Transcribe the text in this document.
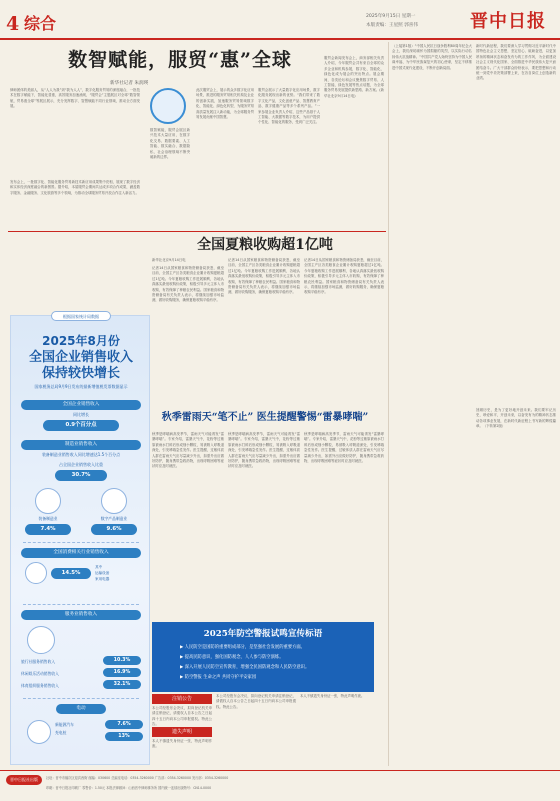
4 综合	2025年9月15日 星期一
本版责编：王星照 郭喜伟	晋中日报
数智赋能，服贸“惠”全球
新华社记者 朱润瑛
律师团体的美丽人，从“人人为我”到“我为人人”，数字化服务贸易的深度融合，一批技术在数字赋能下，智能化普惠，高效服务加速涌现，“服贸会”主题展区对全球“数智领航，贸易惠全球”等展区展示，充分发挥数字、智慧赋能不同行业领域，推动全方面发展。
数智赋能，服贸会展区新兴技术大量应用，在数字化交易、数据要素、人工智能、数实融合、数据隐私、社会治理领域不断突破新的边界。
此次服贸会上，展示的众多数字化应用场景，推进的服务贸易相关机构及企业的创新实践，加速服务贸易领域数字化、智能化、绿色化转型，为服务贸易高质量发展注入新动能，为全球服务贸易发展贡献中国智慧。
服贸会展示了大量数字化应用场景，数字化服务展现出新的优势。“我们带来了数字文化产品，文化创意产品、智慧教育产品、数字健康产品等多个系列产品。”一家参展企业负责人介绍，这些产品基于人工智能、大数据等数字技术，为用户提供个性化、智能化的服务，受到广泛关注。
服贸会新闻发布会上，商务部相关负责人介绍，今年服贸会共有来自全球的众多企业和机构参展，数字化、智能化、绿色化成为展会的突出特点。展会期间，各类论坛和会议聚焦数字贸易、人工智能、绿色发展等热点话题，为全球服务贸易发展提供新思路、新方案。(新华社北京9月14日电)
发布会上，一批数字化、智能化服务贸易新技术新应用成果集中亮相，展现了数字经济和实体经济深度融合的新图景。据介绍，本届服贸会期间共达成多项合作成果，涵盖数字服务、金融服务、文化旅游等多个领域，为推动全球服务贸易开放合作注入新活力。
根据国家统计局数据
2025年8月份
全国企业销售收入
保持较快增长
国家税务总局9月9日发布的最新增值税发票数据显示
全国企业销售收入
同比增长
0.9个百分点
制造业销售收入
装备制造业销售收入同比增速达1.5个百分点
占全国企业销售收入比重
30.7%
装备制造业	数字产品制造业
7.4%	9.6%
全国消费相关行业销售收入
14.5%
其中
运输设备
家用电器
服务业销售收入
旅行社服务销售收入	10.3%
休闲娱乐活动销售收入	16.9%
体育组织服务销售收入	32.1%
电动
新能源汽车
充电桩
7.6%
13%
全国夏粮收购超1亿吨
新华社北京9月14日电
记者14日从国家粮食和物资储备局获悉，截至目前，全国主产区各类粮食企业累计收购夏粮超过1亿吨。今年夏粮收购工作进展顺利，各地认真落实最低收购价政策，积极引导多元主体入市收购，有效保障了种粮农民利益。国家粮食和物资储备局有关负责人表示，将继续加强市场监测，做好收购服务，确保夏粮收购平稳有序。
记者14日从国家粮食和物资储备局获悉，截至目前，全国主产区各类粮食企业累计收购夏粮超过1亿吨。今年夏粮收购工作进展顺利，各地认真落实最低收购价政策，积极引导多元主体入市收购，有效保障了种粮农民利益。国家粮食和物资储备局有关负责人表示，将继续加强市场监测，做好收购服务，确保夏粮收购平稳有序。
记者14日从国家粮食和物资储备局获悉，截至目前，全国主产区各类粮食企业累计收购夏粮超过1亿吨。今年夏粮收购工作进展顺利，各地认真落实最低收购价政策，积极引导多元主体入市收购，有效保障了种粮农民利益。国家粮食和物资储备局有关负责人表示，将继续加强市场监测，做好收购服务，确保夏粮收购平稳有序。
秋季雷雨天“笔不止” 医生提醒警惕“雷暴哮喘”
秋季是哮喘病高发季节，雷雨天气可能诱发“雷暴哮喘”。专家介绍，雷暴天气中，花粉等过敏原被雨水打碎后形成细小颗粒，易被吸入呼吸道深处，引发哮喘急性发作。医生提醒，过敏体质人群在雷雨天气应尽量减少外出，如需外出应做好防护，随身携带急救药物，出现呼吸困难等症状时应及时就医。
秋季是哮喘病高发季节，雷雨天气可能诱发“雷暴哮喘”。专家介绍，雷暴天气中，花粉等过敏原被雨水打碎后形成细小颗粒，易被吸入呼吸道深处，引发哮喘急性发作。医生提醒，过敏体质人群在雷雨天气应尽量减少外出，如需外出应做好防护，随身携带急救药物，出现呼吸困难等症状时应及时就医。
秋季是哮喘病高发季节，雷雨天气可能诱发“雷暴哮喘”。专家介绍，雷暴天气中，花粉等过敏原被雨水打碎后形成细小颗粒，易被吸入呼吸道深处，引发哮喘急性发作。医生提醒，过敏体质人群在雷雨天气应尽量减少外出，如需外出应做好防护，随身携带急救药物，出现呼吸困难等症状时应及时就医。
2025年防空警报试鸣宣传标语
▶ 人民防空是国防的重要组成部分，是坚强社会发展的重要方面。
▶ 提高民防意识，强化国防观念，人人参与防空演练。
▶ 深入开展人民防空宣传教育，增强全民国防观念和人民防空意识。
▶ 防空警报 生命之声 共同守护平安家园
注销公告
本公司经股东会决议，拟向登记机关申请注销登记，请债权人自本公告之日起四十五日内向本公司申报债权。特此公告。
遗失声明
本人不慎遗失身份证一张，特此声明作废。
本公司经股东会决议，拟向登记机关申请注销登记，请债权人自本公告之日起四十五日内向本公司申报债权。特此公告。
本人不慎遗失身份证一张，特此声明作废。
（上接第1版）“中国人民抗日战争胜利80周年纪念大会上，我们深切缅怀为国捐躯的英烈，以实际行动弘扬伟大抗战精神。”中国共产党人始终坚持为中国人民谋幸福、为中华民族谋复兴的初心使命，坚定不移推进中国式现代化建设，不断开创新局面。
新时代新征程，我们要深入学习贯彻习近平新时代中国特色社会主义思想，坚定信心、砥砺奋进，以更加昂扬的精神状态和奋发有为的工作作风，为全面建设社会主义现代化国家、全面推进中华民族伟大复兴而团结奋斗。广大干部群众纷纷表示，要把思想和行动统一到党中央决策部署上来，在各自岗位上创造新的业绩。
回顾历史，是为了更好地开创未来。我们要牢记历史，珍爱和平，开创未来，以奋发有为的精神状态推动各项事业发展，在新时代新征程上书写新的辉煌篇章。（下转第2版）
晋中日报社出版	社址：晋中市榆次区迎宾西街 邮编：030600 总编室电话：0354-3260000 广告部：0354-3260000 发行部：0354-3260000
印刷：晋中日报社印刷厂 零售价：1.50元 本报法律顾问：山西晋中律师事务所 国内统一连续出版物号：CN14-0000
